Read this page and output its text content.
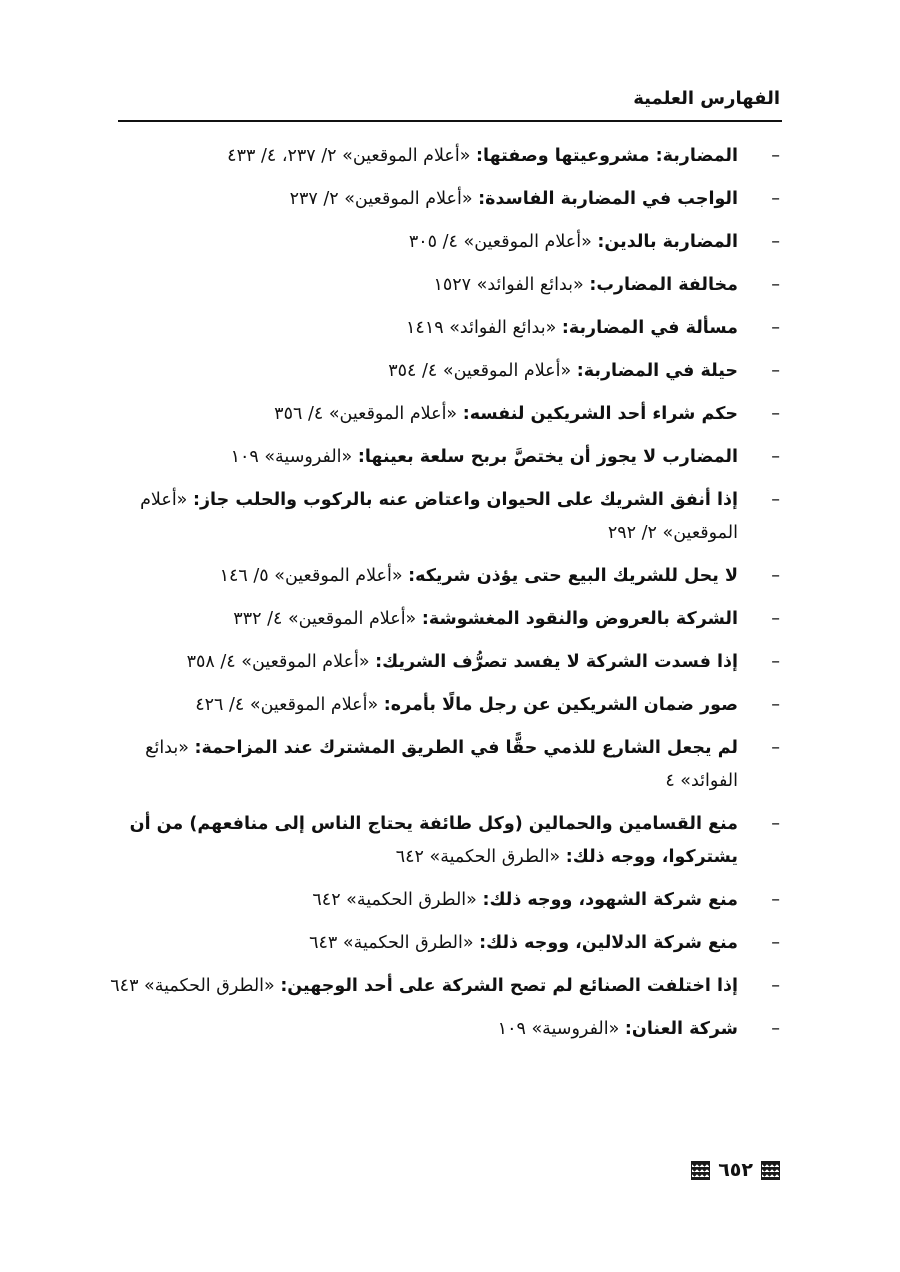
الفهارس العلمية
–
المضاربة: مشروعيتها وصفتها: «أعلام الموقعين» ٢/ ٢٣٧، ٤/ ٤٣٣
–
الواجب في المضاربة الفاسدة: «أعلام الموقعين» ٢/ ٢٣٧
–
المضاربة بالدين: «أعلام الموقعين» ٤/ ٣٠٥
–
مخالفة المضارب: «بدائع الفوائد» ١٥٢٧
–
مسألة في المضاربة: «بدائع الفوائد» ١٤١٩
–
حيلة في المضاربة: «أعلام الموقعين» ٤/ ٣٥٤
–
حكم شراء أحد الشريكين لنفسه: «أعلام الموقعين» ٤/ ٣٥٦
–
المضارب لا يجوز أن يختصَّ بربح سلعة بعينها: «الفروسية» ١٠٩
–
إذا أنفق الشريك على الحيوان واعتاض عنه بالركوب والحلب جاز: «أعلام الموقعين» ٢/ ٢٩٢
–
لا يحل للشريك البيع حتى يؤذن شريكه: «أعلام الموقعين» ٥/ ١٤٦
–
الشركة بالعروض والنقود المغشوشة: «أعلام الموقعين» ٤/ ٣٣٢
–
إذا فسدت الشركة لا يفسد تصرُّف الشريك: «أعلام الموقعين» ٤/ ٣٥٨
–
صور ضمان الشريكين عن رجل مالًا بأمره: «أعلام الموقعين» ٤/ ٤٢٦
–
لم يجعل الشارع للذمي حقًّا في الطريق المشترك عند المزاحمة: «بدائع الفوائد» ٤
–
منع القسامين والحمالين (وكل طائفة يحتاج الناس إلى منافعهم) من أن يشتركوا، ووجه ذلك: «الطرق الحكمية» ٦٤٢
–
منع شركة الشهود، ووجه ذلك: «الطرق الحكمية» ٦٤٢
–
منع شركة الدلالين، ووجه ذلك: «الطرق الحكمية» ٦٤٣
–
إذا اختلفت الصنائع لم تصح الشركة على أحد الوجهين: «الطرق الحكمية» ٦٤٣
–
شركة العنان: «الفروسية» ١٠٩
٦٥٢
